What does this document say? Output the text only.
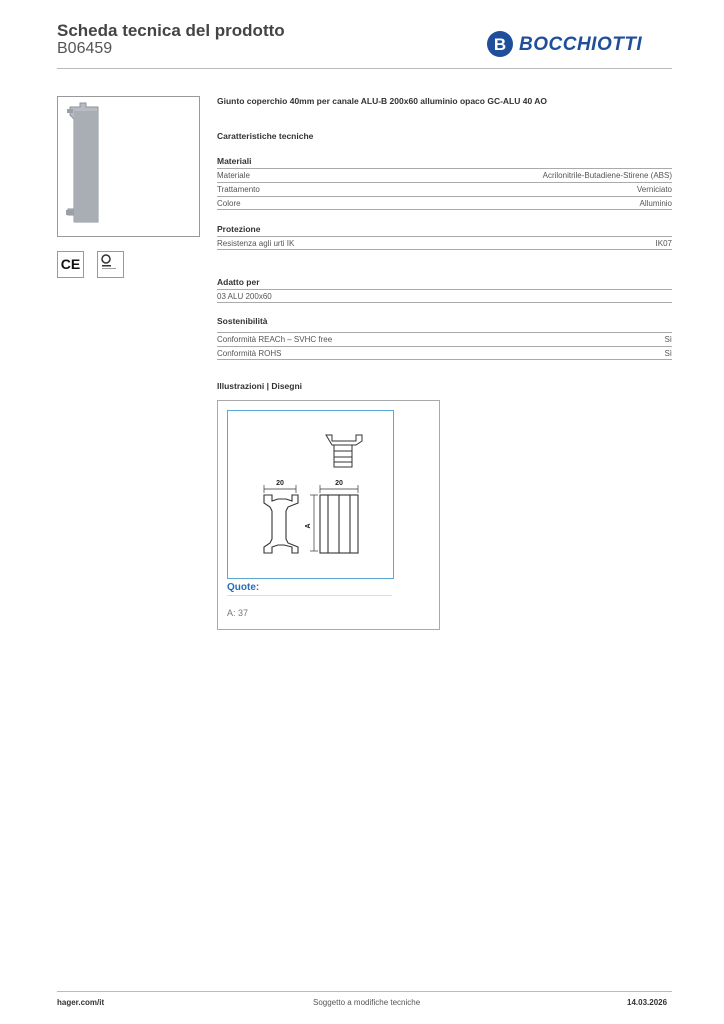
Scheda tecnica del prodotto
B06459	B BOCCHIOTTI
CE
Giunto coperchio 40mm per canale ALU-B 200x60 alluminio opaco GC-ALU 40 AO
Caratteristiche tecniche
Materiali
Materiale	Acrilonitrile-Butadiene-Stirene (ABS)
Trattamento	Verniciato
Colore	Alluminio
Protezione
Resistenza agli urti IK	IK07
Adatto per
03 ALU 200x60
Sostenibilità
Conformità REACh – SVHC free	Sì
Conformità ROHS	Sì
Illustrazioni | Disegni
20	20
A
Quote:
A: 37
hager.com/it	Soggetto a modifiche tecniche	14.03.2026
